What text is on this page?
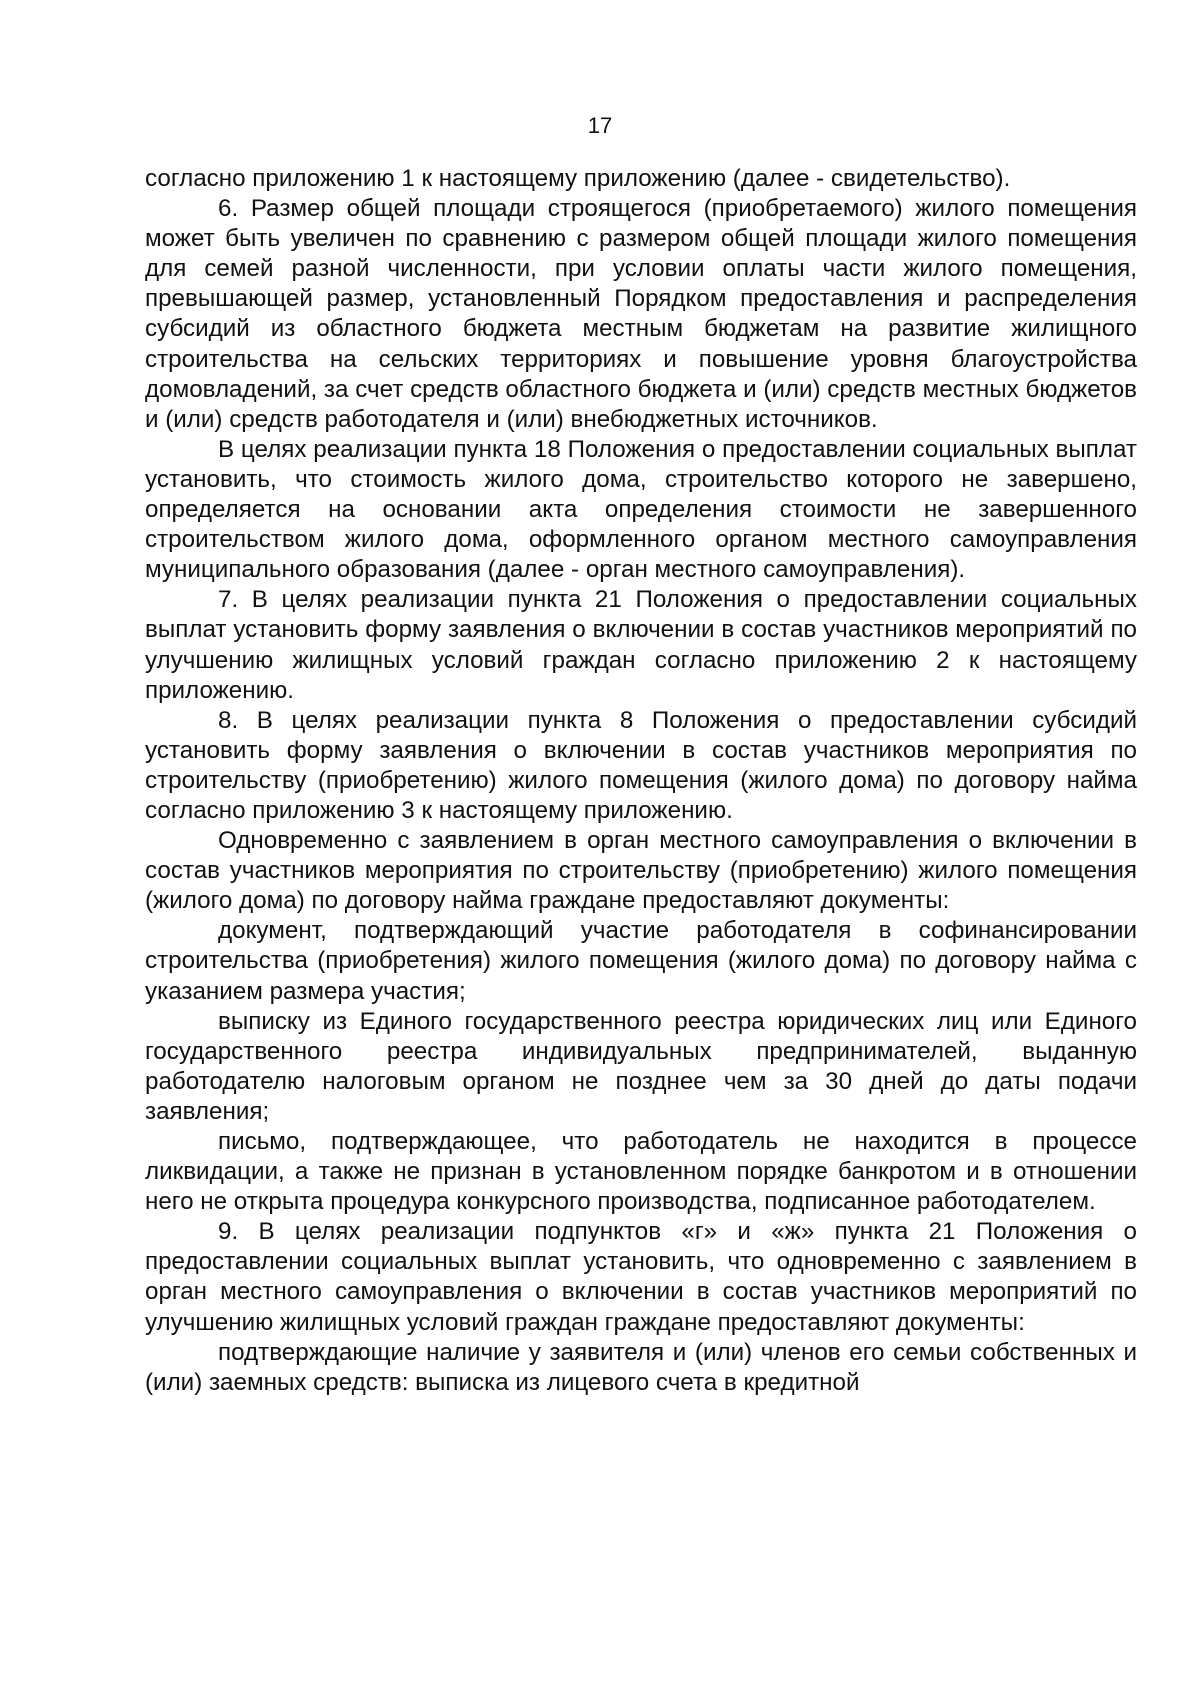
17

согласно приложению 1 к настоящему приложению (далее - свидетельство).

6. Размер общей площади строящегося (приобретаемого) жилого помещения может быть увеличен по сравнению с размером общей площади жилого помещения для семей разной численности, при условии оплаты части жилого помещения, превышающей размер, установленный Порядком предоставления и распределения субсидий из областного бюджета местным бюджетам на развитие жилищного строительства на сельских территориях и повышение уровня благоустройства домовладений, за счет средств областного бюджета и (или) средств местных бюджетов и (или) средств работодателя и (или) внебюджетных источников.

В целях реализации пункта 18 Положения о предоставлении социальных выплат установить, что стоимость жилого дома, строительство которого не завершено, определяется на основании акта определения стоимости не завершенного строительством жилого дома, оформленного органом местного самоуправления муниципального образования (далее - орган местного самоуправления).

7. В целях реализации пункта 21 Положения о предоставлении социальных выплат установить форму заявления о включении в состав участников мероприятий по улучшению жилищных условий граждан согласно приложению 2 к настоящему приложению.

8. В целях реализации пункта 8 Положения о предоставлении субсидий установить форму заявления о включении в состав участников мероприятия по строительству (приобретению) жилого помещения (жилого дома) по договору найма согласно приложению 3 к настоящему приложению.

Одновременно с заявлением в орган местного самоуправления о включении в состав участников мероприятия по строительству (приобретению) жилого помещения (жилого дома) по договору найма граждане предоставляют документы:

документ, подтверждающий участие работодателя в софинансировании строительства (приобретения) жилого помещения (жилого дома) по договору найма с указанием размера участия;

выписку из Единого государственного реестра юридических лиц или Единого государственного реестра индивидуальных предпринимателей, выданную работодателю налоговым органом не позднее чем за 30 дней до даты подачи заявления;

письмо, подтверждающее, что работодатель не находится в процессе ликвидации, а также не признан в установленном порядке банкротом и в отношении него не открыта процедура конкурсного производства, подписанное работодателем.

9. В целях реализации подпунктов «г» и «ж» пункта 21 Положения о предоставлении социальных выплат установить, что одновременно с заявлением в орган местного самоуправления о включении в состав участников мероприятий по улучшению жилищных условий граждан граждане предоставляют документы:

подтверждающие наличие у заявителя и (или) членов его семьи собственных и (или) заемных средств: выписка из лицевого счета в кредитной
